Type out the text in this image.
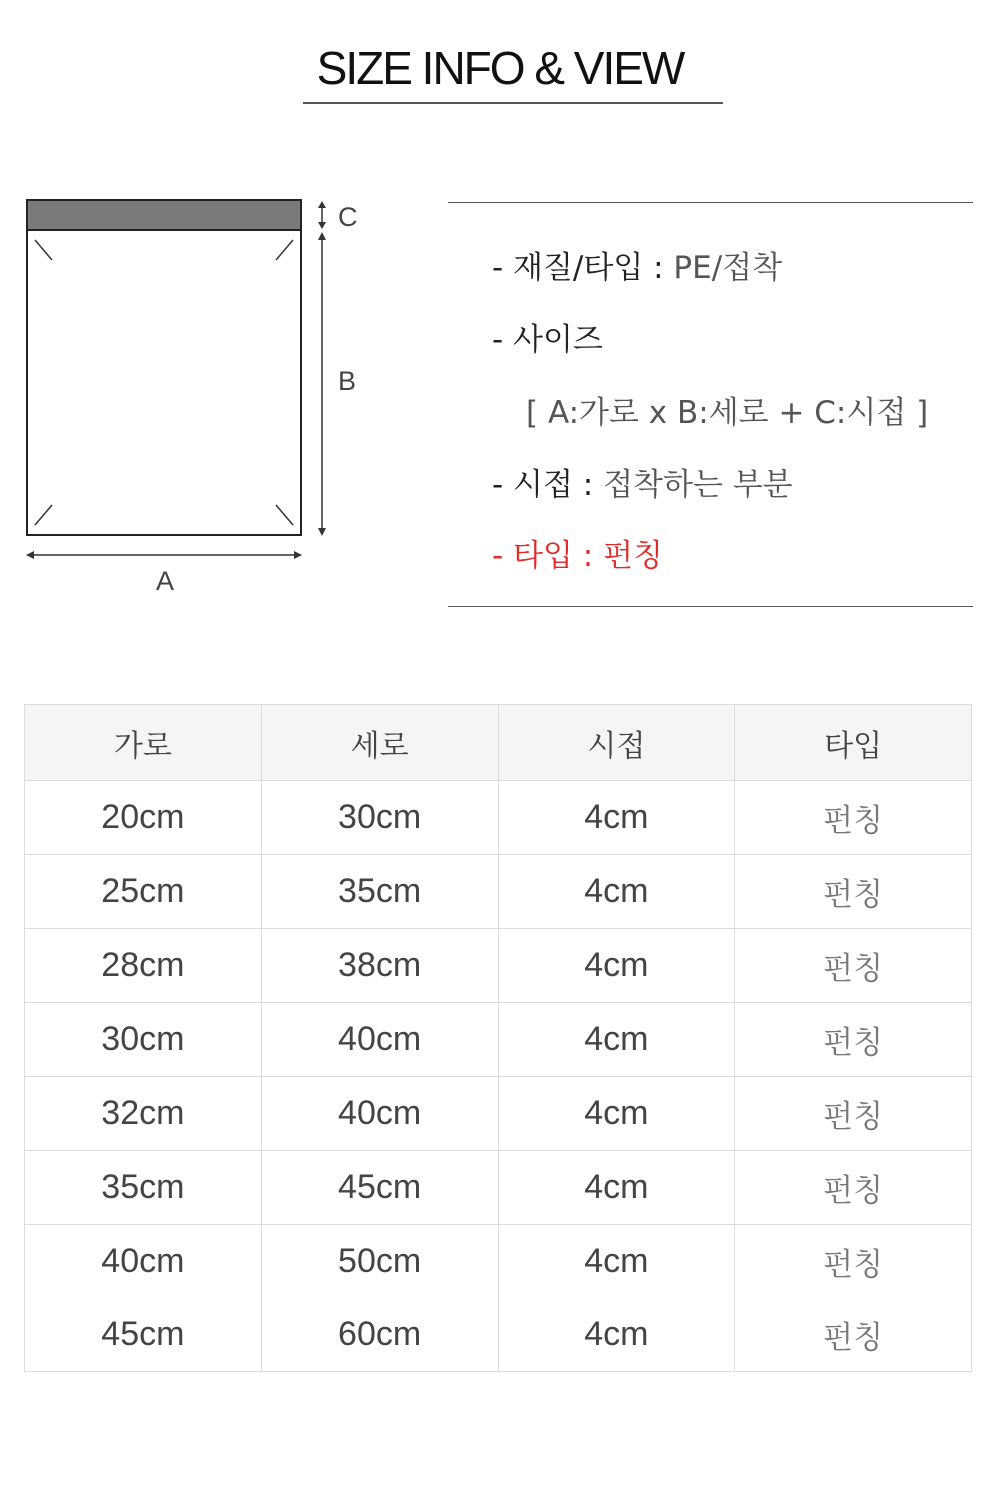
SIZE INFO & VIEW
C
B
A
- 재질/타입 : PE/접착
- 사이즈
[ A:가로 x B:세로 + C:시접 ]
- 시접 : 접착하는 부분
- 타입 : 펀칭
가로	세로	시접	타입
20cm	30cm	4cm	펀칭
25cm	35cm	4cm	펀칭
28cm	38cm	4cm	펀칭
30cm	40cm	4cm	펀칭
32cm	40cm	4cm	펀칭
35cm	45cm	4cm	펀칭
40cm	50cm	4cm	펀칭
45cm	60cm	4cm	펀칭
